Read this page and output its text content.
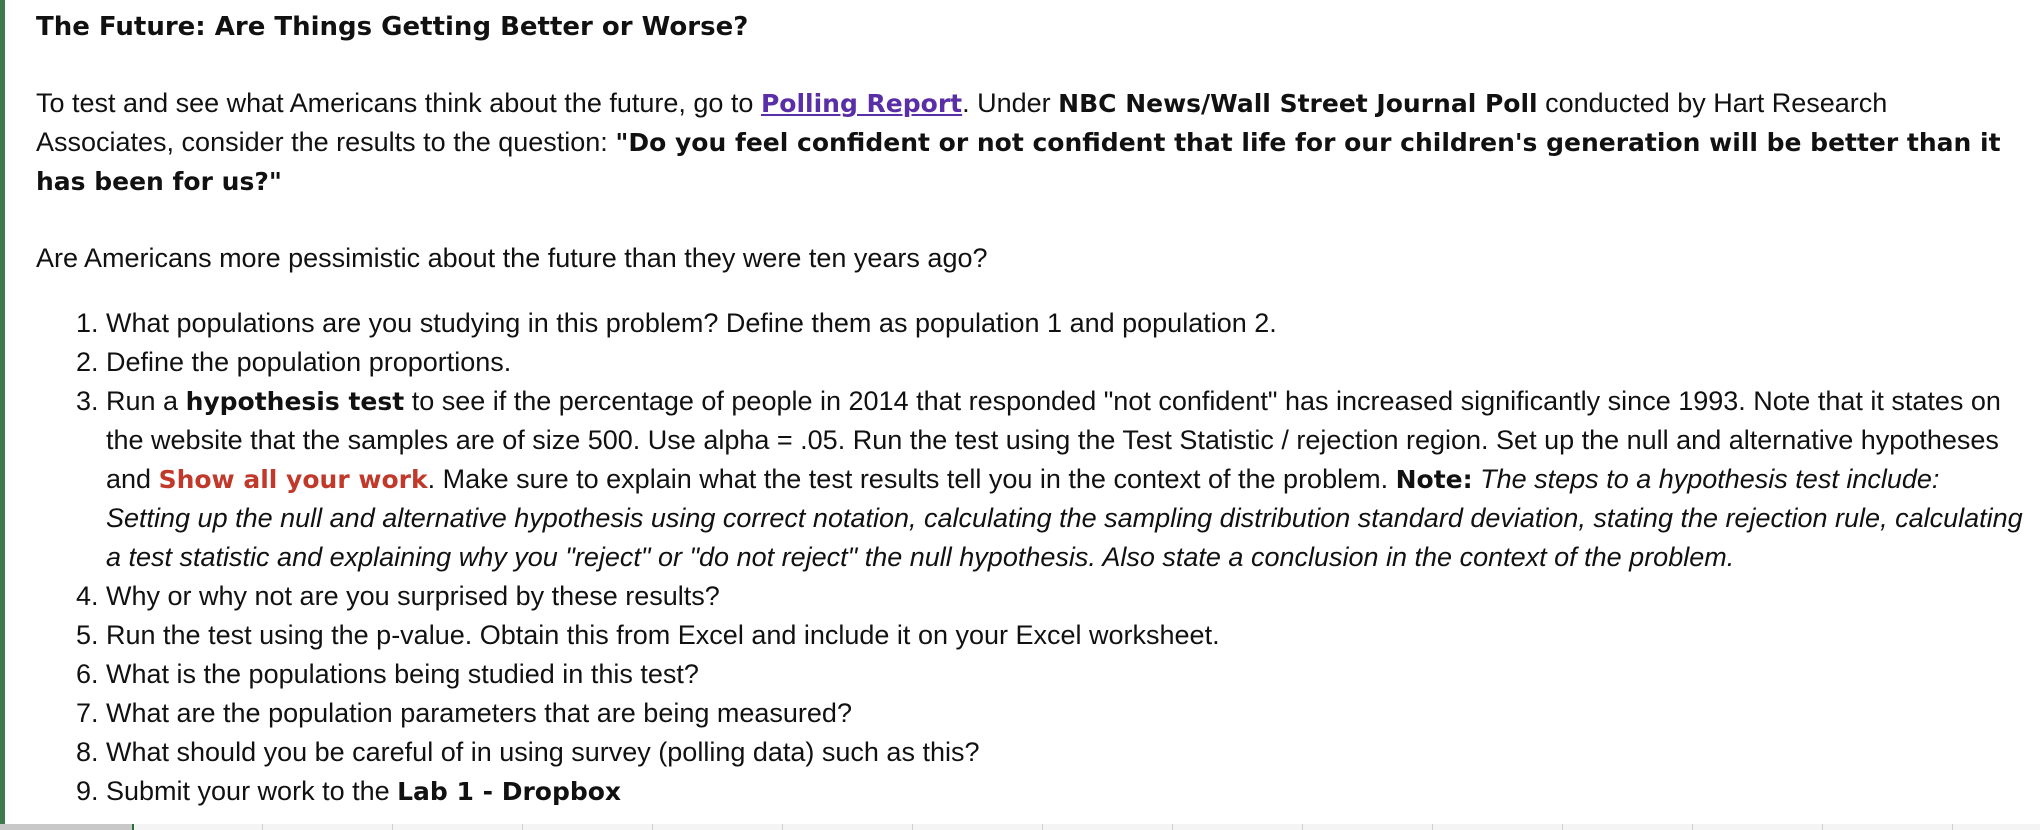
The Future: Are Things Getting Better or Worse?

To test and see what Americans think about the future, go to Polling Report. Under NBC News/Wall Street Journal Poll conducted by Hart Research Associates, consider the results to the question: "Do you feel confident or not confident that life for our children's generation will be better than it has been for us?"

Are Americans more pessimistic about the future than they were ten years ago?

1. What populations are you studying in this problem? Define them as population 1 and population 2.
2. Define the population proportions.
3. Run a hypothesis test to see if the percentage of people in 2014 that responded "not confident" has increased significantly since 1993. Note that it states on the website that the samples are of size 500. Use alpha = .05. Run the test using the Test Statistic / rejection region. Set up the null and alternative hypotheses and Show all your work. Make sure to explain what the test results tell you in the context of the problem. Note: The steps to a hypothesis test include: Setting up the null and alternative hypothesis using correct notation, calculating the sampling distribution standard deviation, stating the rejection rule, calculating a test statistic and explaining why you "reject" or "do not reject" the null hypothesis. Also state a conclusion in the context of the problem.
4. Why or why not are you surprised by these results?
5. Run the test using the p-value. Obtain this from Excel and include it on your Excel worksheet.
6. What is the populations being studied in this test?
7. What are the population parameters that are being measured?
8. What should you be careful of in using survey (polling data) such as this?
9. Submit your work to the Lab 1 - Dropbox
